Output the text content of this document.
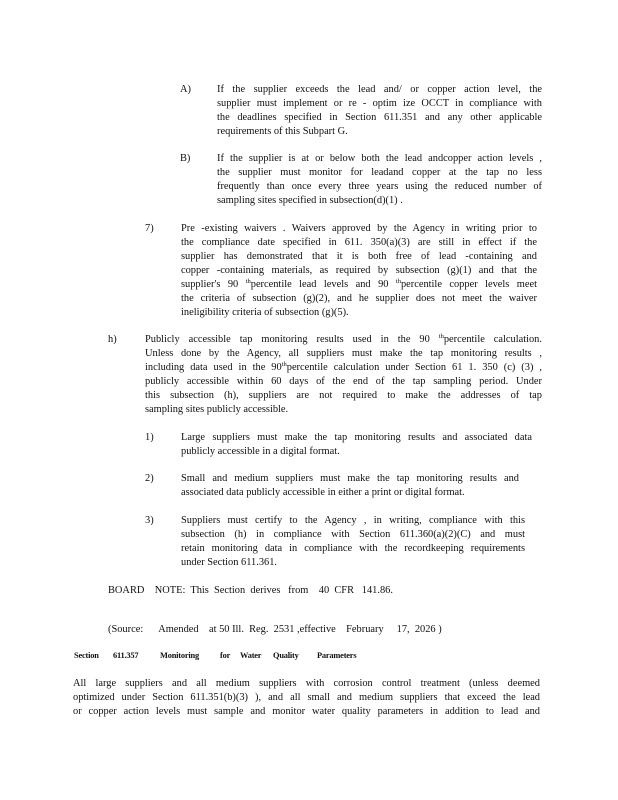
A)	If the supplier exceeds the lead and/ or copper action level, the
supplier must implement or re - optim ize OCCT in compliance with
the deadlines specified in Section 611.351 and any other applicable
requirements of this Subpart G.
B)	If the supplier is at or below both the lead andcopper action levels ,
the supplier must monitor for leadand copper at the tap no less
frequently than once every three years using the reduced number of
sampling sites specified in subsection(d)(1) .
7)	Pre -existing waivers . Waivers approved by the Agency in writing prior to
the compliance date specified in 611. 350(a)(3) are still in effect if the
supplier has demonstrated that it is both free of lead -containing and
copper -containing materials, as required by subsection (g)(1) and that the
supplier's 90 $^{th}$percentile lead levels and 90 $^{th}$percentile copper levels meet
the criteria of subsection (g)(2), and he supplier does not meet the waiver
ineligibility criteria of subsection (g)(5).
h)	Publicly accessible tap monitoring results used in the 90 $^{th}$percentile calculation.
Unless done by the Agency, all suppliers must make the tap monitoring results ,
including data used in the 90thpercentile calculation under Section 61 1. 350 (c) (3) ,
publicly accessible within 60 days of the end of the tap sampling period. Under
this subsection (h), suppliers are not required to make the addresses of tap
sampling sites publicly accessible.
1)	Large suppliers must make the tap monitoring results and associated data
publicly accessible in a digital format.
2)	Small and medium suppliers must make the tap monitoring results and
associated data publicly accessible in either a print or digital format.
3)	Suppliers must certify to the Agency , in writing, compliance with this
subsection (h) in compliance with Section 611.360(a)(2)(C) and must
retain monitoring data in compliance with the recordkeeping requirements
under Section 611.361.
BOARD    NOTE:  This  Section  derives   from    40  CFR   141.86.
(Source:      Amended    at 50 Ill.  Reg.  2531 ,effective    February     17,  2026 )
Section 611.357	Monitoring	for Water Quality Parameters
All large suppliers and all medium suppliers with corrosion control treatment (unless deemed
optimized under Section 611.351(b)(3) ), and all small and medium suppliers that exceed the lead
or copper action levels must sample and monitor water quality parameters in addition to lead and
